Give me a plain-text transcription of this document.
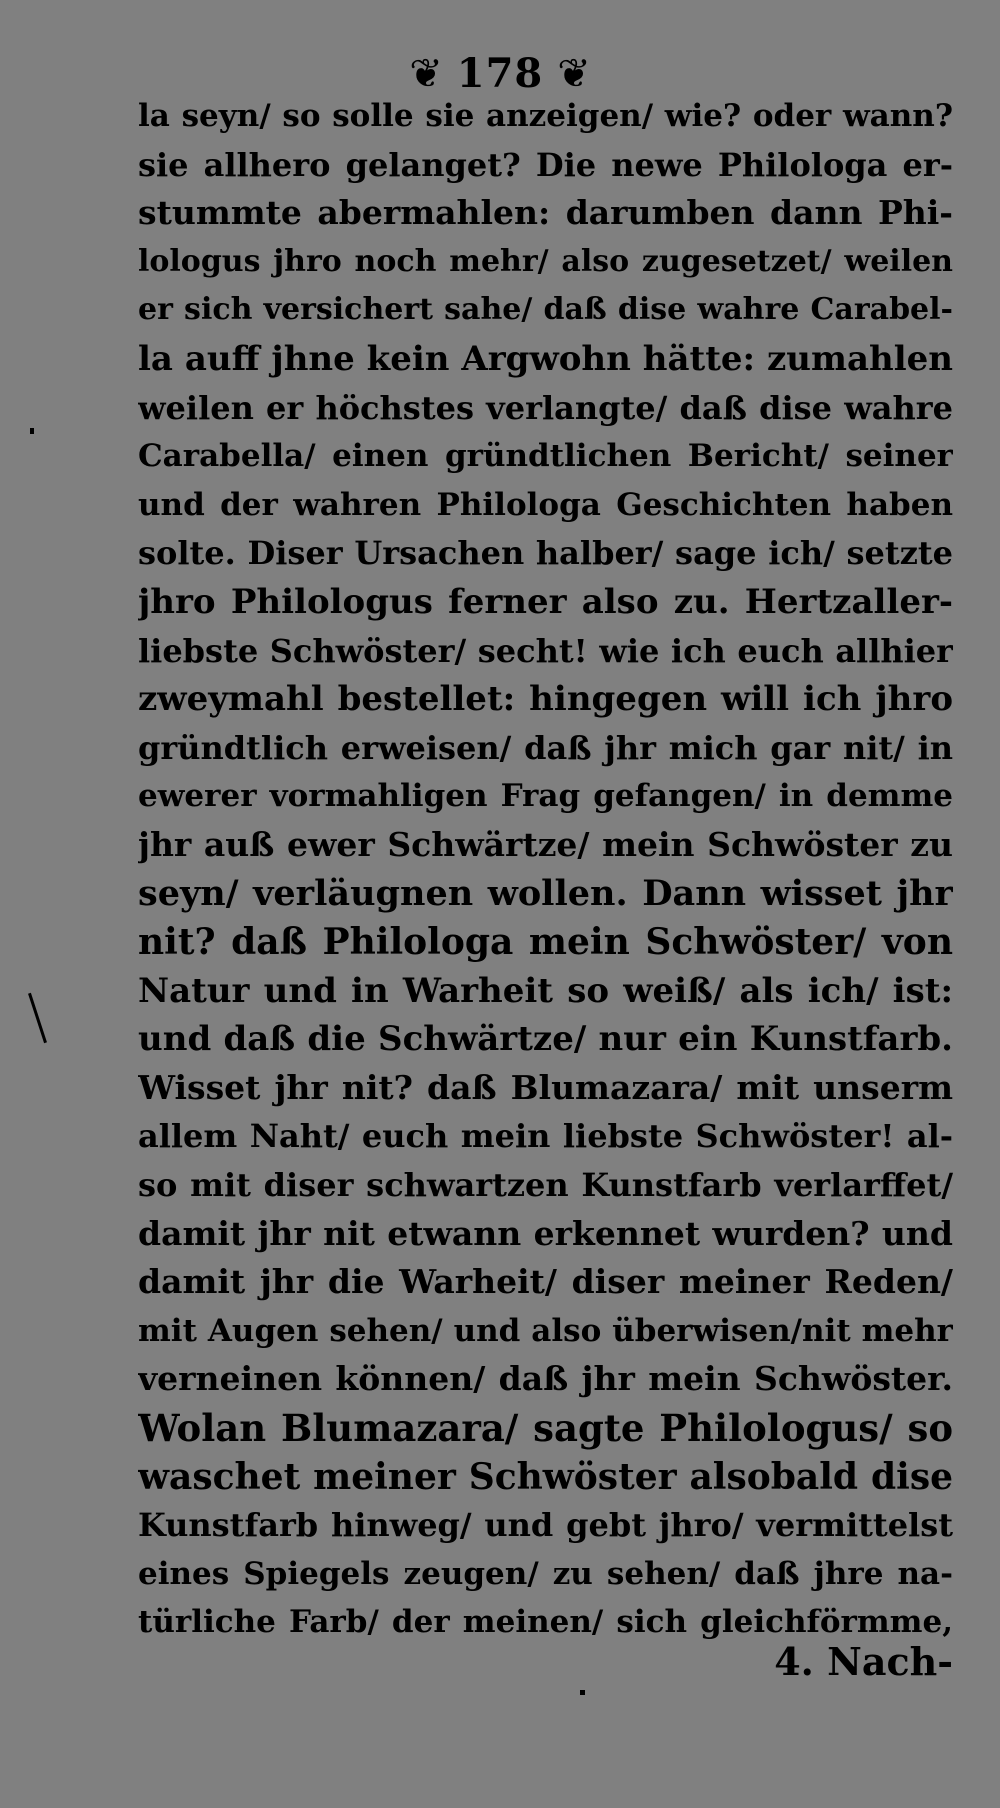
❦ 178 ❦
la seyn/ so solle sie anzeigen/ wie? oder wann?
sie allhero gelanget? Die newe Philologa er-
stummte abermahlen: darumben dann Phi-
lologus jhro noch mehr/ also zugesetzet/ weilen
er sich versichert sahe/ daß dise wahre Carabel-
la auff jhne kein Argwohn hätte: zumahlen
weilen er höchstes verlangte/ daß dise wahre
Carabella/ einen gründtlichen Bericht/ seiner
und der wahren Philologa Geschichten haben
solte. Diser Ursachen halber/ sage ich/ setzte
jhro Philologus ferner also zu. Hertzaller-
liebste Schwöster/ secht! wie ich euch allhier
zweymahl bestellet: hingegen will ich jhro
gründtlich erweisen/ daß jhr mich gar nit/ in
ewerer vormahligen Frag gefangen/ in demme
jhr auß ewer Schwärtze/ mein Schwöster zu
seyn/ verläugnen wollen. Dann wisset jhr
nit? daß Philologa mein Schwöster/ von
Natur und in Warheit so weiß/ als ich/ ist:
und daß die Schwärtze/ nur ein Kunstfarb.
Wisset jhr nit? daß Blumazara/ mit unserm
allem Naht/ euch mein liebste Schwöster! al-
so mit diser schwartzen Kunstfarb verlarffet/
damit jhr nit etwann erkennet wurden? und
damit jhr die Warheit/ diser meiner Reden/
mit Augen sehen/ und also überwisen/nit mehr
verneinen können/ daß jhr mein Schwöster.
Wolan Blumazara/ sagte Philologus/ so
waschet meiner Schwöster alsobald dise
Kunstfarb hinweg/ und gebt jhro/ vermittelst
eines Spiegels zeugen/ zu sehen/ daß jhre na-
türliche Farb/ der meinen/ sich gleichförmme,
4. Nach-
